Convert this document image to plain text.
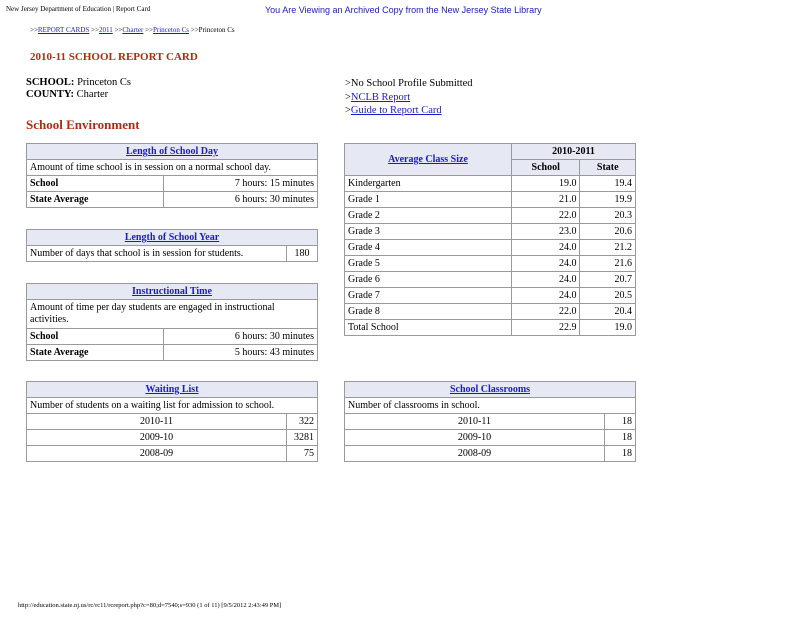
New Jersey Department of Education | Report Card	You Are Viewing an Archived Copy from the New Jersey State Library
>>REPORT CARDS >>2011 >>Charter >>Princeton Cs >>Princeton Cs
2010-11 SCHOOL REPORT CARD
SCHOOL: Princeton Cs
COUNTY: Charter
>No School Profile Submitted
>NCLB Report
>Guide to Report Card
School Environment
Length of School Day	
Amount of time school is in session on a normal school day.	
School	7 hours: 15 minutes
State Average	6 hours: 30 minutes
Length of School Year
Number of days that school is in session for students.	180
Instructional Time	
Amount of time per day students are engaged in instructional activities.	
School	6 hours: 30 minutes
State Average	5 hours: 43 minutes
Average Class Size	2010-2011	
	School	State
Kindergarten	19.0	19.4
Grade 1	21.0	19.9
Grade 2	22.0	20.3
Grade 3	23.0	20.6
Grade 4	24.0	21.2
Grade 5	24.0	21.6
Grade 6	24.0	20.7
Grade 7	24.0	20.5
Grade 8	22.0	20.4
Total School	22.9	19.0
Waiting List	
Number of students on a waiting list for admission to school.	
2010-11	322
2009-10	3281
2008-09	75
School Classrooms	
Number of classrooms in school.	
2010-11	18
2009-10	18
2008-09	18
http://education.state.nj.us/rc/rc11/rcreport.php?c=80;d=7540;s=930 (1 of 11) [9/5/2012 2:43:49 PM]
